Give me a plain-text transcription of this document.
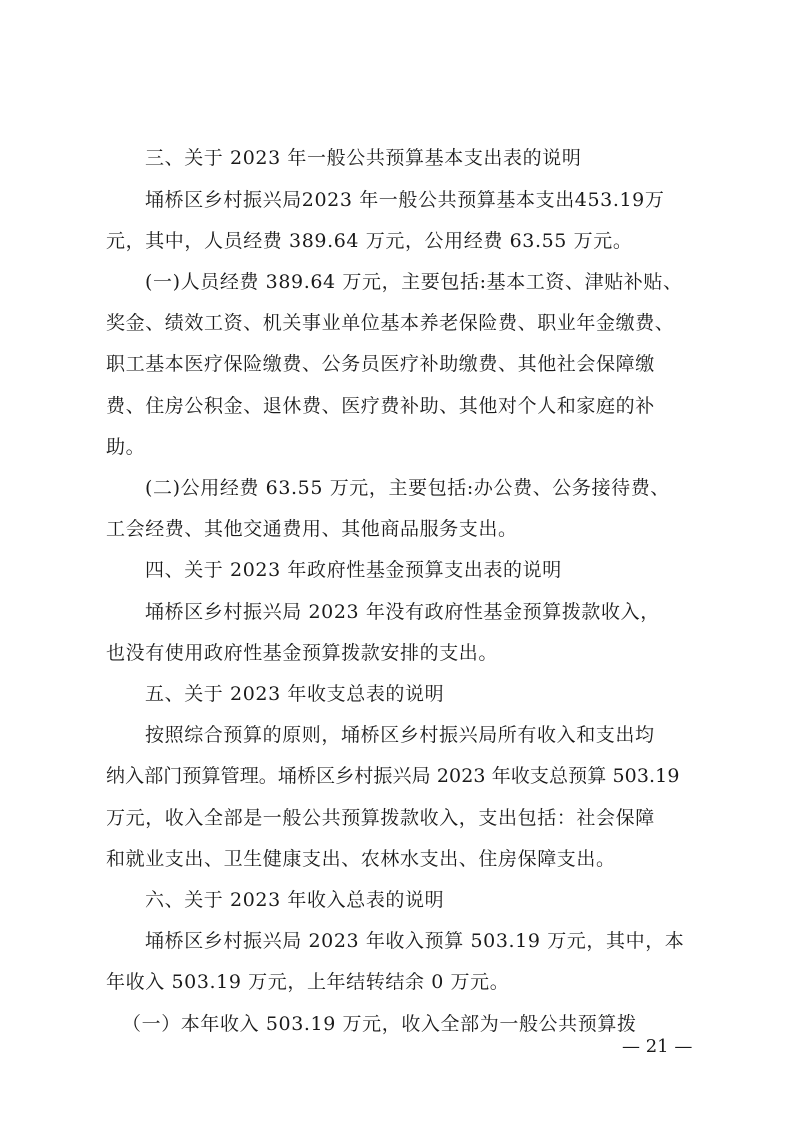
三、关于 2023 年一般公共预算基本支出表的说明
埇桥区乡村振兴局2023 年一般公共预算基本支出453.19万
元，其中，人员经费 389.64 万元，公用经费 63.55 万元。
(一)人员经费 389.64 万元，主要包括:基本工资、津贴补贴、
奖金、绩效工资、机关事业单位基本养老保险费、职业年金缴费、
职工基本医疗保险缴费、公务员医疗补助缴费、其他社会保障缴
费、住房公积金、退休费、医疗费补助、其他对个人和家庭的补
助。
(二)公用经费 63.55 万元，主要包括:办公费、公务接待费、
工会经费、其他交通费用、其他商品服务支出。
四、关于 2023 年政府性基金预算支出表的说明
埇桥区乡村振兴局 2023 年没有政府性基金预算拨款收入，
也没有使用政府性基金预算拨款安排的支出。
五、关于 2023 年收支总表的说明
按照综合预算的原则，埇桥区乡村振兴局所有收入和支出均
纳入部门预算管理。埇桥区乡村振兴局 2023 年收支总预算 503.19
万元，收入全部是一般公共预算拨款收入，支出包括：社会保障
和就业支出、卫生健康支出、农林水支出、住房保障支出。
六、关于 2023 年收入总表的说明
埇桥区乡村振兴局 2023 年收入预算 503.19 万元，其中，本
年收入 503.19 万元，上年结转结余 0 万元。
（一）本年收入 503.19 万元，收入全部为一般公共预算拨
— 21 —
